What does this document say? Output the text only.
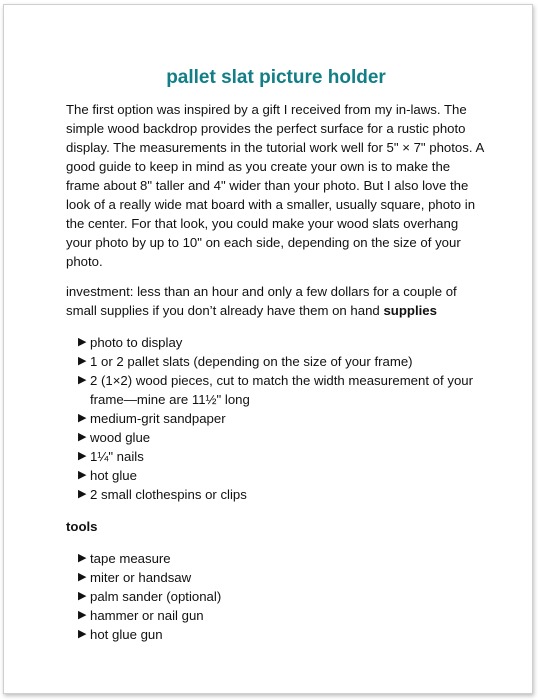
pallet slat picture holder

The first option was inspired by a gift I received from my in-laws. The simple wood backdrop provides the perfect surface for a rustic photo display. The measurements in the tutorial work well for 5" × 7" photos. A good guide to keep in mind as you create your own is to make the frame about 8" taller and 4" wider than your photo. But I also love the look of a really wide mat board with a smaller, usually square, photo in the center. For that look, you could make your wood slats overhang your photo by up to 10" on each side, depending on the size of your photo.

investment: less than an hour and only a few dollars for a couple of small supplies if you don’t already have them on hand supplies

▶ photo to display
▶ 1 or 2 pallet slats (depending on the size of your frame)
▶ 2 (1×2) wood pieces, cut to match the width measurement of your frame—mine are 11½" long
▶ medium-grit sandpaper
▶ wood glue
▶ 1¼" nails
▶ hot glue
▶ 2 small clothespins or clips

tools

▶ tape measure
▶ miter or handsaw
▶ palm sander (optional)
▶ hammer or nail gun
▶ hot glue gun
